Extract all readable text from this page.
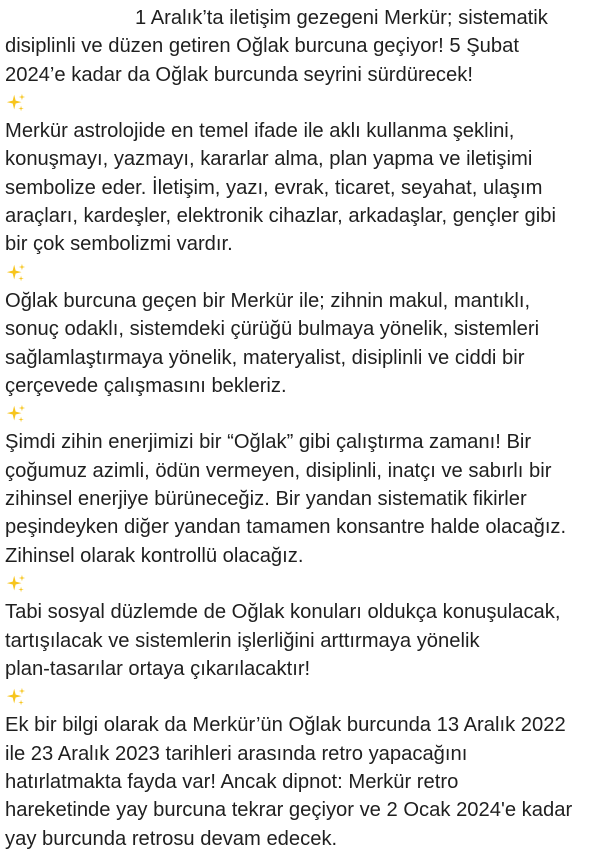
1 Aralık’ta iletişim gezegeni Merkür; sistematik
disiplinli ve düzen getiren Oğlak burcuna geçiyor! 5 Şubat
2024’e kadar da Oğlak burcunda seyrini sürdürecek!
Merkür astrolojide en temel ifade ile aklı kullanma şeklini,
konuşmayı, yazmayı, kararlar alma, plan yapma ve iletişimi
sembolize eder. İletişim, yazı, evrak, ticaret, seyahat, ulaşım
araçları, kardeşler, elektronik cihazlar, arkadaşlar, gençler gibi
bir çok sembolizmi vardır.
Oğlak burcuna geçen bir Merkür ile; zihnin makul, mantıklı,
sonuç odaklı, sistemdeki çürüğü bulmaya yönelik, sistemleri
sağlamlaştırmaya yönelik, materyalist, disiplinli ve ciddi bir
çerçevede çalışmasını bekleriz.
Şimdi zihin enerjimizi bir “Oğlak” gibi çalıştırma zamanı! Bir
çoğumuz azimli, ödün vermeyen, disiplinli, inatçı ve sabırlı bir
zihinsel enerjiye bürüneceğiz. Bir yandan sistematik fikirler
peşindeyken diğer yandan tamamen konsantre halde olacağız.
Zihinsel olarak kontrollü olacağız.
Tabi sosyal düzlemde de Oğlak konuları oldukça konuşulacak,
tartışılacak ve sistemlerin işlerliğini arttırmaya yönelik
plan-tasarılar ortaya çıkarılacaktır!
Ek bir bilgi olarak da Merkür’ün Oğlak burcunda 13 Aralık 2022
ile 23 Aralık 2023 tarihleri arasında retro yapacağını
hatırlatmakta fayda var! Ancak dipnot: Merkür retro
hareketinde yay burcuna tekrar geçiyor ve 2 Ocak 2024'e kadar
yay burcunda retrosu devam edecek.
